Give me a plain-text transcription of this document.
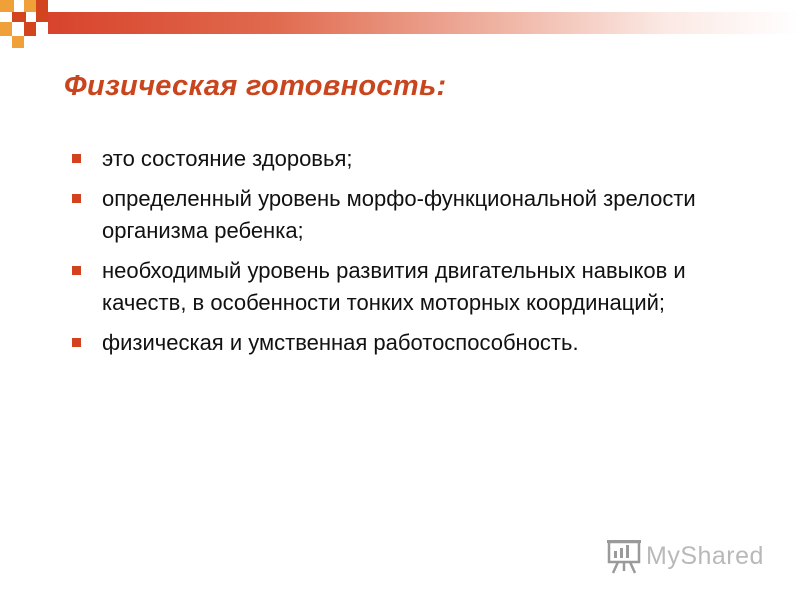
Физическая готовность:
это состояние здоровья;
определенный уровень морфо-функциональной зрелости организма ребенка;
необходимый уровень развития двигательных навыков и качеств, в особенности тонких моторных координаций;
физическая и умственная работоспособность.
MyShared
